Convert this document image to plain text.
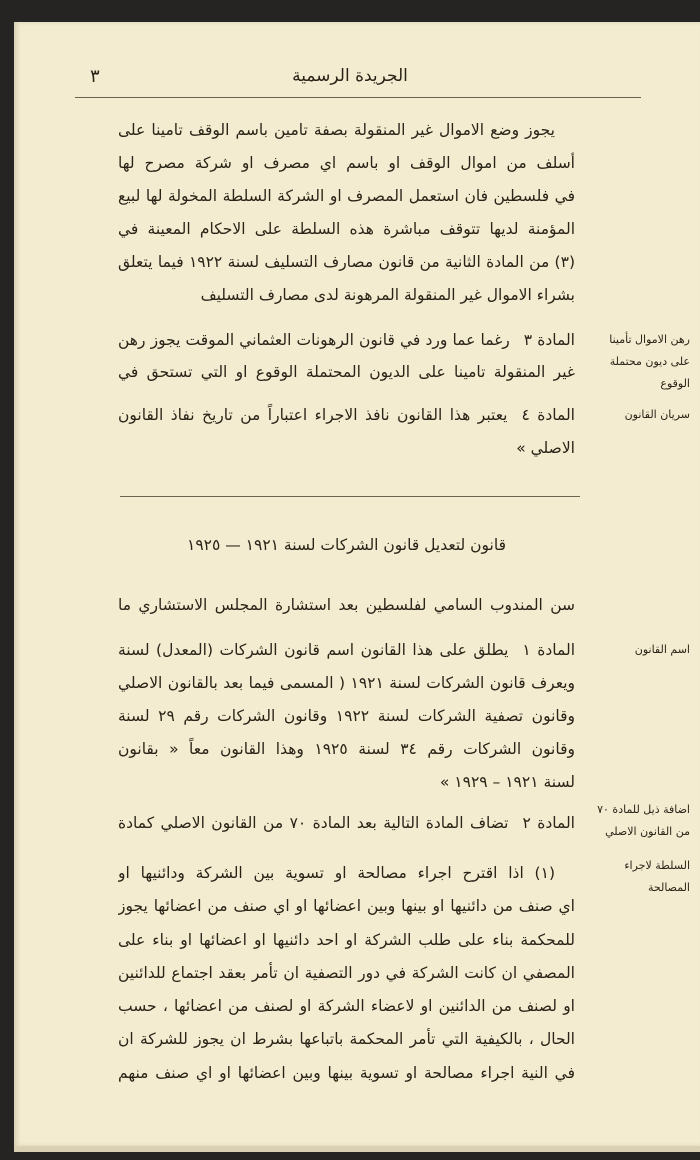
٣	الجريدة الرسمية
يجوز وضع الاموال غير المنقولة بصفة تامين باسم الوقف تامينا على
أسلف من اموال الوقف او باسم اي مصرف او شركة مصرح لها
في فلسطين فان استعمل المصرف او الشركة السلطة المخولة لها لبيع
المؤمنة لديها تتوقف مباشرة هذه السلطة على الاحكام المعينة في
(٣) من المادة الثانية من قانون مصارف التسليف لسنة ١٩٢٢ فيما يتعلق
بشراء الاموال غير المنقولة المرهونة لدى مصارف التسليف
المادة ٣رغما عما ورد في قانون الرهونات العثماني الموقت يجوز رهن
غير المنقولة تامينا على الديون المحتملة الوقوع او التي تستحق في
رهن الاموال تأمينا
على ديون محتملة
الوقوع
المادة ٤يعتبر هذا القانون نافذ الاجراء اعتباراً من تاريخ نفاذ القانون
الاصلي »
سريان القانون
قانون لتعديل قانون الشركات لسنة ١٩٢١ — ١٩٢٥
سن المندوب السامي لفلسطين بعد استشارة المجلس الاستشاري ما
المادة ١يطلق على هذا القانون اسم قانون الشركات (المعدل) لسنة
ويعرف قانون الشركات لسنة ١٩٢١ ( المسمى فيما بعد بالقانون الاصلي
وقانون تصفية الشركات لسنة ١٩٢٢ وقانون الشركات رقم ٢٩ لسنة
وقانون الشركات رقم ٣٤ لسنة ١٩٢٥ وهذا القانون معاً « بقانون
لسنة ١٩٢١ – ١٩٢٩ »
اسم القانون
المادة ٢تضاف المادة التالية بعد المادة ٧٠ من القانون الاصلي كمادة
اضافة ذيل للمادة ٧٠
من القانون الاصلي
(١) اذا اقترح اجراء مصالحة او تسوية بين الشركة ودائنيها او
اي صنف من دائنيها او بينها وبين اعضائها او اي صنف من اعضائها يجوز
للمحكمة بناء على طلب الشركة او احد دائنيها او اعضائها او بناء على
المصفي ان كانت الشركة في دور التصفية ان تأمر بعقد اجتماع للدائنين
او لصنف من الدائنين او لاعضاء الشركة او لصنف من اعضائها ، حسب
الحال ، بالكيفية التي تأمر المحكمة باتباعها بشرط ان يجوز للشركة ان
في النية اجراء مصالحة او تسوية بينها وبين اعضائها او اي صنف منهم
السلطة لاجراء
المصالحة
